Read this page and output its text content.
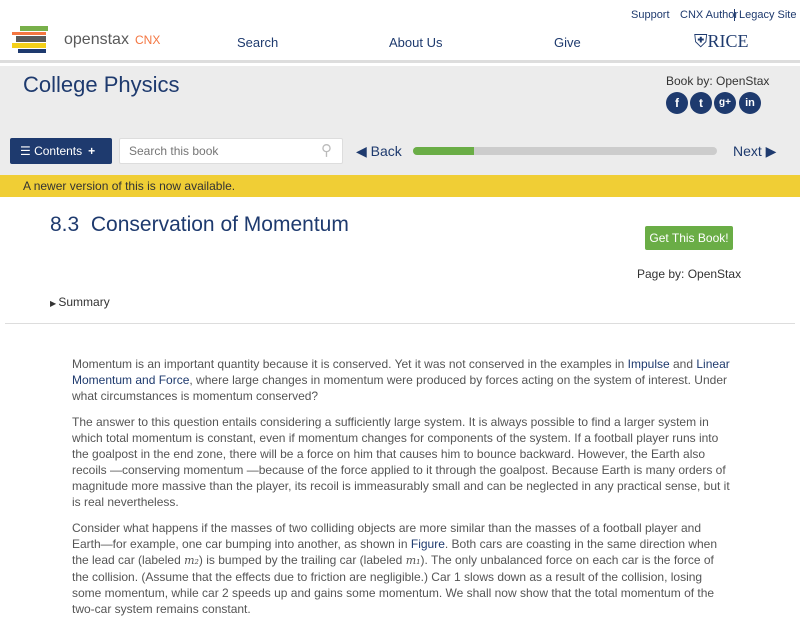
openstax CNX
Support CNX Author Legacy Site
Search	About Us	Give	⛨RICE
College Physics	Book by: OpenStax
f	t	g+	in
☰ Contents +
Search this book	⚲ ◀ Back	Next ▶
A newer version of this is now available.
8.3 Conservation of Momentum
Get This Book!
Page by: OpenStax
▶ Summary

Momentum is an important quantity because it is conserved. Yet it was not conserved in the examples in Impulse and Linear Momentum and Force, where large changes in momentum were produced by forces acting on the system of interest. Under what circumstances is momentum conserved?

The answer to this question entails considering a sufficiently large system. It is always possible to find a larger system in which total momentum is constant, even if momentum changes for components of the system. If a football player runs into the goalpost in the end zone, there will be a force on him that causes him to bounce backward. However, the Earth also recoils —conserving momentum —because of the force applied to it through the goalpost. Because Earth is many orders of magnitude more massive than the player, its recoil is immeasurably small and can be neglected in any practical sense, but it is real nevertheless.

Consider what happens if the masses of two colliding objects are more similar than the masses of a football player and Earth—for example, one car bumping into another, as shown in Figure. Both cars are coasting in the same direction when the lead car (labeled m₂) is bumped by the trailing car (labeled m₁). The only unbalanced force on each car is the force of the collision. (Assume that the effects due to friction are negligible.) Car 1 slows down as a result of the collision, losing some momentum, while car 2 speeds up and gains some momentum. We shall now show that the total momentum of the two-car system remains constant.
